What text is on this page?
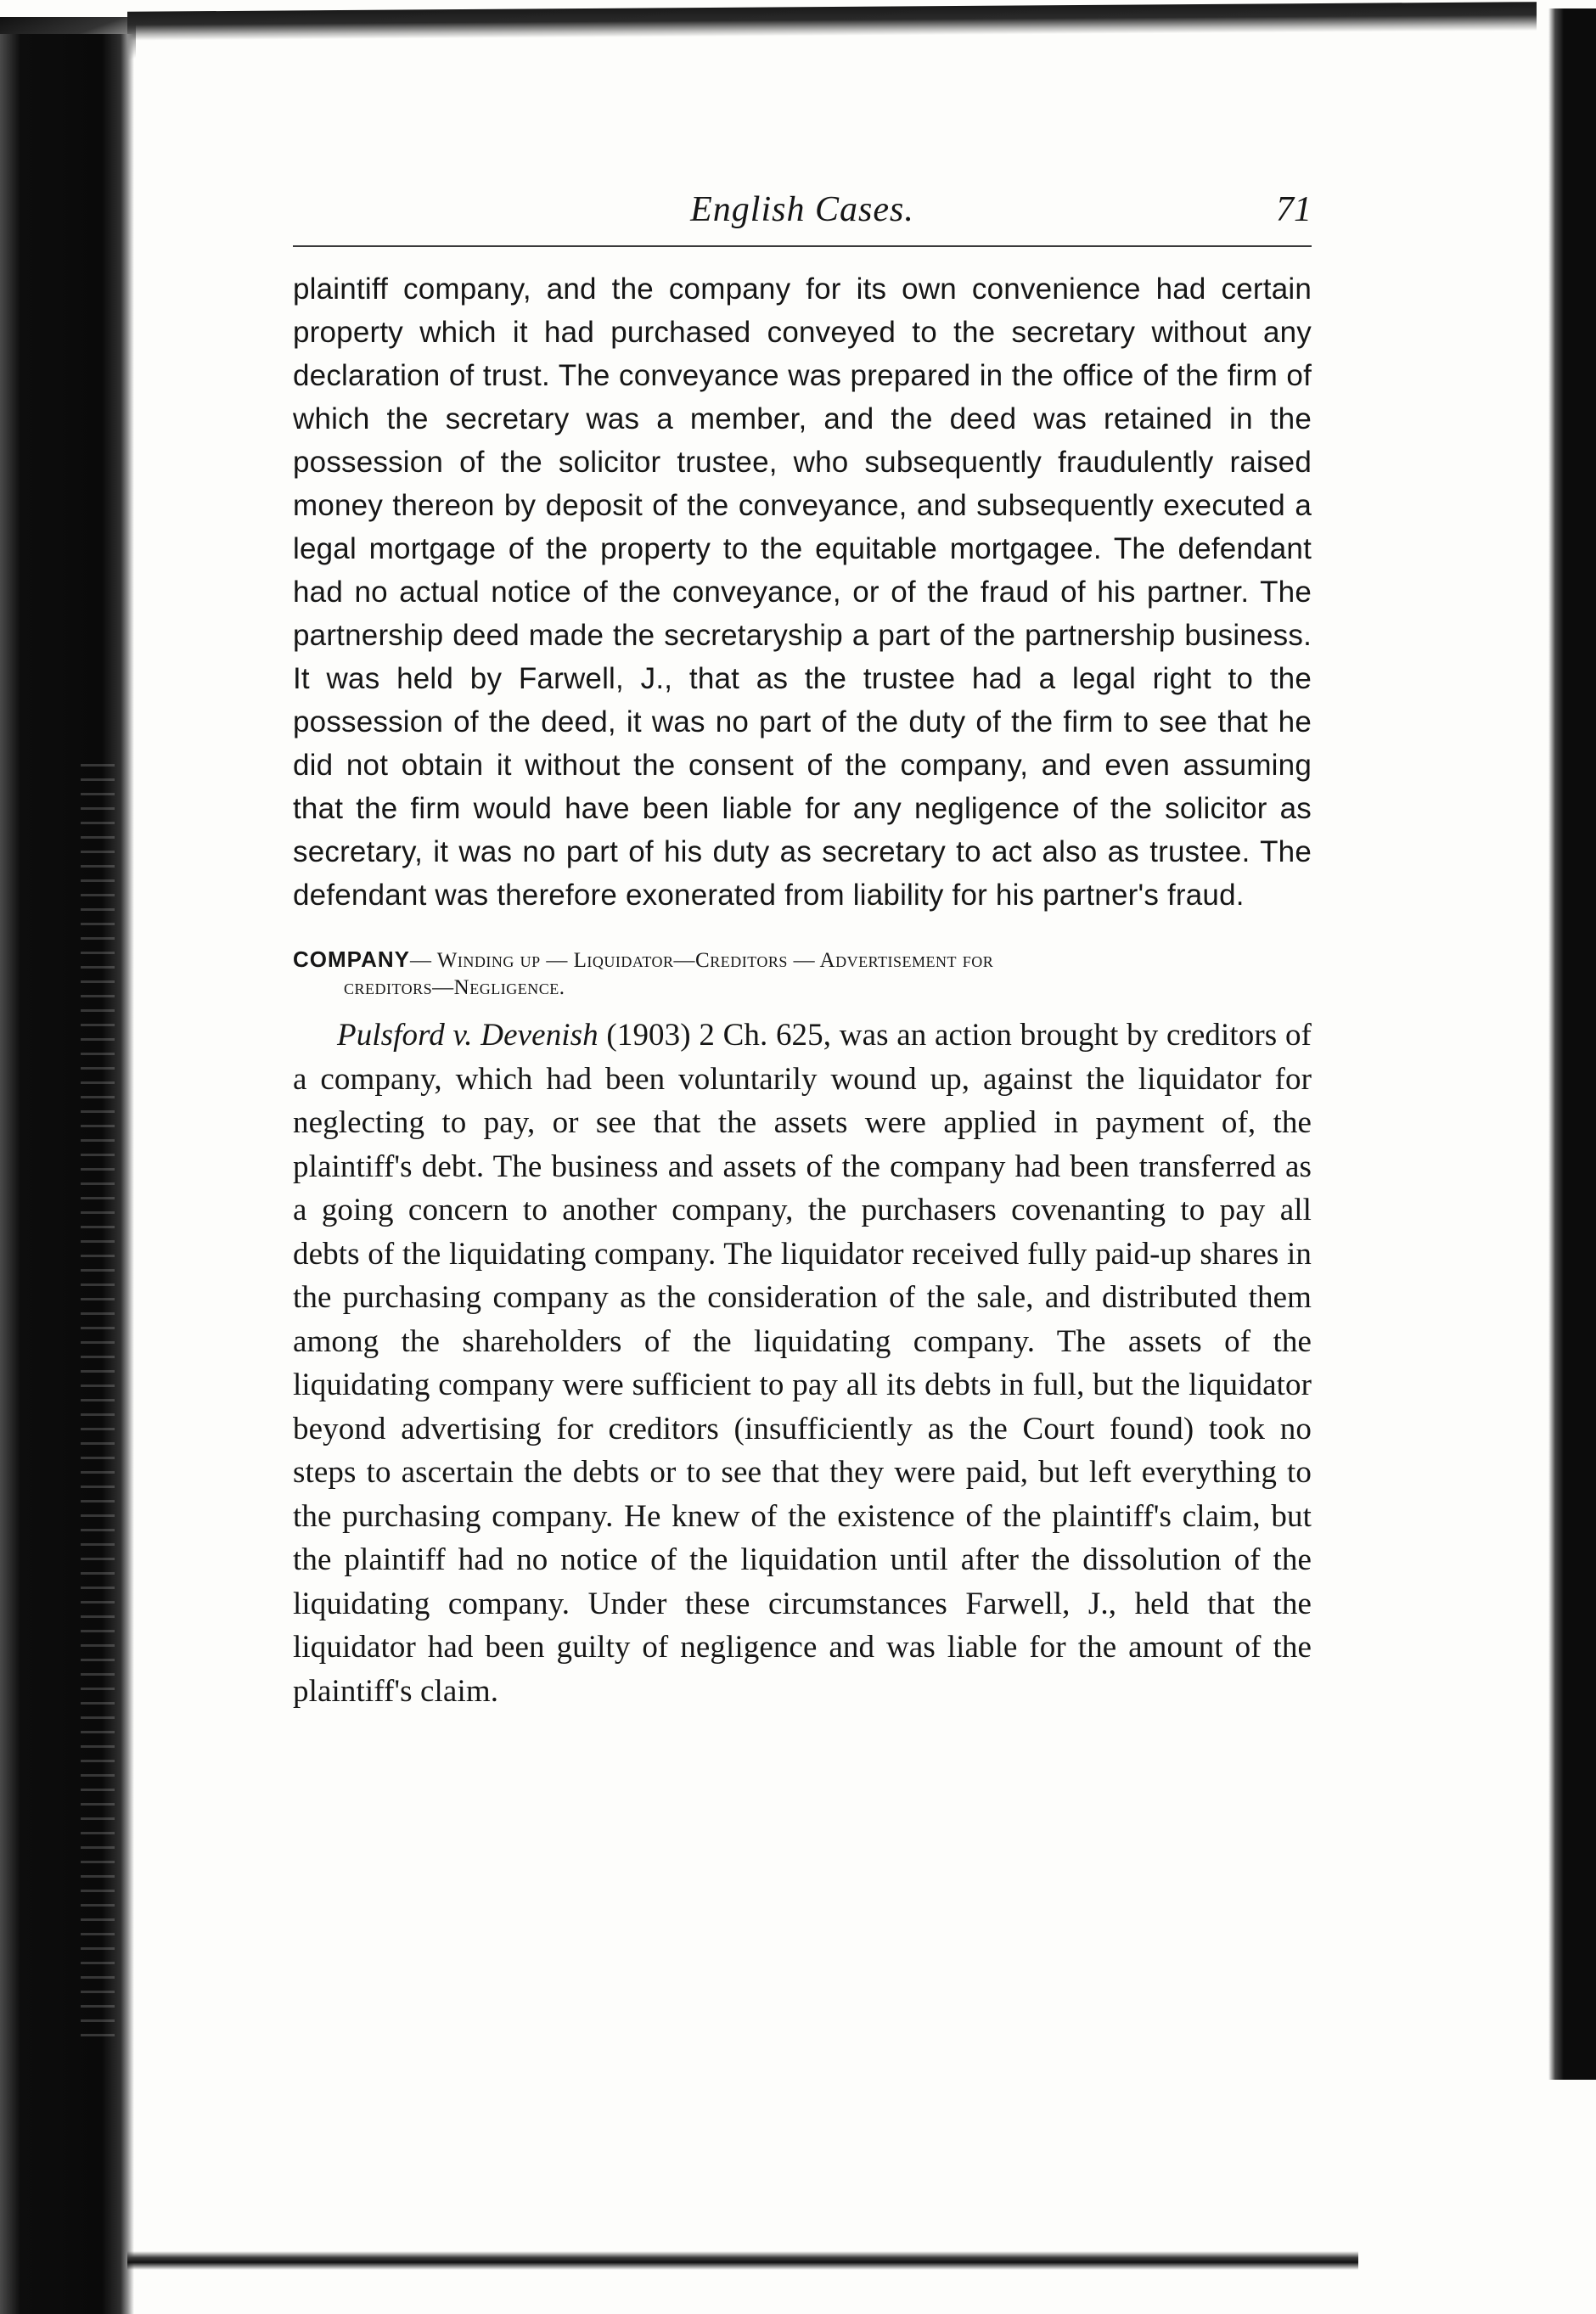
English Cases.	71

plaintiff company, and the company for its own convenience had certain property which it had purchased conveyed to the secretary without any declaration of trust. The conveyance was prepared in the office of the firm of which the secretary was a member, and the deed was retained in the possession of the solicitor trustee, who subsequently fraudulently raised money thereon by deposit of the conveyance, and subsequently executed a legal mortgage of the property to the equitable mortgagee. The defendant had no actual notice of the conveyance, or of the fraud of his partner. The partnership deed made the secretaryship a part of the partnership business. It was held by Farwell, J., that as the trustee had a legal right to the possession of the deed, it was no part of the duty of the firm to see that he did not obtain it without the consent of the company, and even assuming that the firm would have been liable for any negligence of the solicitor as secretary, it was no part of his duty as secretary to act also as trustee. The defendant was therefore exonerated from liability for his partner's fraud.

COMPANY— Winding up — Liquidator—Creditors — Advertisement for
creditors—Negligence.

Pulsford v. Devenish (1903) 2 Ch. 625, was an action brought by creditors of a company, which had been voluntarily wound up, against the liquidator for neglecting to pay, or see that the assets were applied in payment of, the plaintiff's debt. The business and assets of the company had been transferred as a going concern to another company, the purchasers covenanting to pay all debts of the liquidating company. The liquidator received fully paid-up shares in the purchasing company as the consideration of the sale, and distributed them among the shareholders of the liquidating company. The assets of the liquidating company were sufficient to pay all its debts in full, but the liquidator beyond advertising for creditors (insufficiently as the Court found) took no steps to ascertain the debts or to see that they were paid, but left everything to the purchasing company. He knew of the existence of the plaintiff's claim, but the plaintiff had no notice of the liquidation until after the dissolution of the liquidating company. Under these circumstances Farwell, J., held that the liquidator had been guilty of negligence and was liable for the amount of the plaintiff's claim.
